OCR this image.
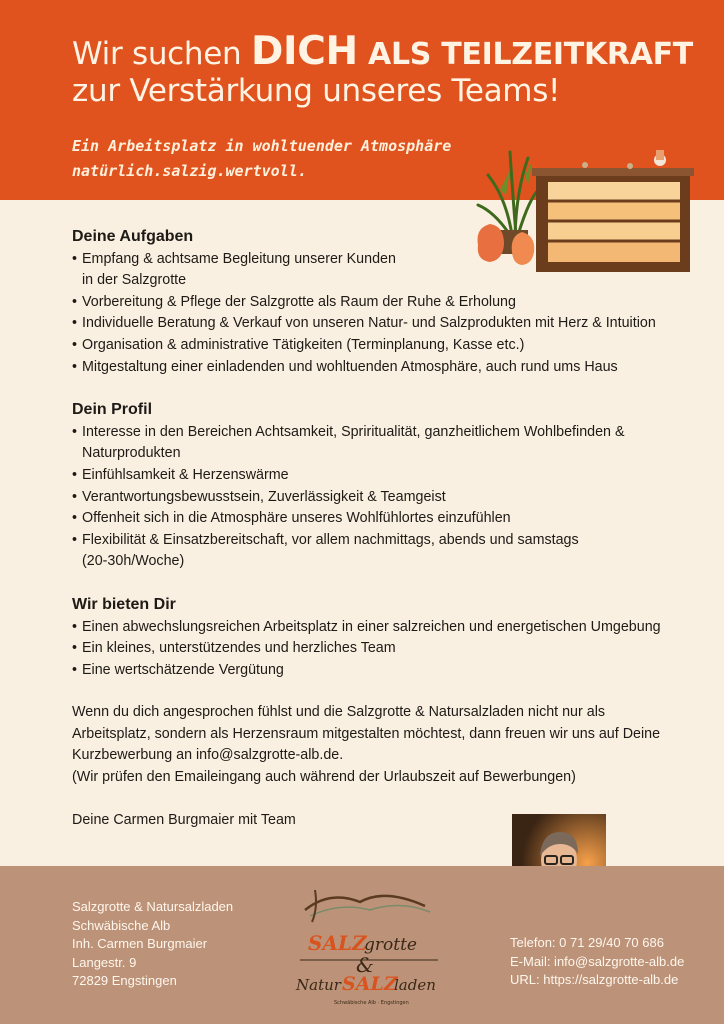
Wir suchen DICH ALS TEILZEITKRAFT
zur Verstärkung unseres Teams!
Ein Arbeitsplatz in wohltuender Atmosphäre
natürlich.salzig.wertvoll.
Deine Aufgaben
• Empfang & achtsame Begleitung unserer Kunden
in der Salzgrotte
• Vorbereitung & Pflege der Salzgrotte als Raum der Ruhe & Erholung
• Individuelle Beratung & Verkauf von unseren Natur- und Salzprodukten mit Herz & Intuition
• Organisation & administrative Tätigkeiten (Terminplanung, Kasse etc.)
• Mitgestaltung einer einladenden und wohltuenden Atmosphäre, auch rund ums Haus
Dein Profil
• Interesse in den Bereichen Achtsamkeit, Spriritualität, ganzheitlichem Wohlbefinden &
Naturprodukten
• Einfühlsamkeit & Herzenswärme
• Verantwortungsbewusstsein, Zuverlässigkeit & Teamgeist
• Offenheit sich in die Atmosphäre unseres Wohlfühlortes einzufühlen
• Flexibilität & Einsatzbereitschaft, vor allem nachmittags, abends und samstags
(20-30h/Woche)
Wir bieten Dir
• Einen abwechslungsreichen Arbeitsplatz in einer salzreichen und energetischen Umgebung
• Ein kleines, unterstützendes und herzliches Team
• Eine wertschätzende Vergütung
Wenn du dich angesprochen fühlst und die Salzgrotte & Natursalzladen nicht nur als
Arbeitsplatz, sondern als Herzensraum mitgestalten möchtest, dann freuen wir uns auf Deine
Kurzbewerbung an info@salzgrotte-alb.de.
(Wir prüfen den Emaileingang auch während der Urlaubszeit auf Bewerbungen)
Deine Carmen Burgmaier mit Team
Salzgrotte & Natursalzladen
Schwäbische Alb
Inh. Carmen Burgmaier
Langestr. 9
72829 Engstingen
SALZ
grotte
&
Natur SALZ
laden
Schwäbische Alb · Engstingen
Telefon: 0 71 29/40 70 686
E-Mail: info@salzgrotte-alb.de
URL: https://salzgrotte-alb.de
